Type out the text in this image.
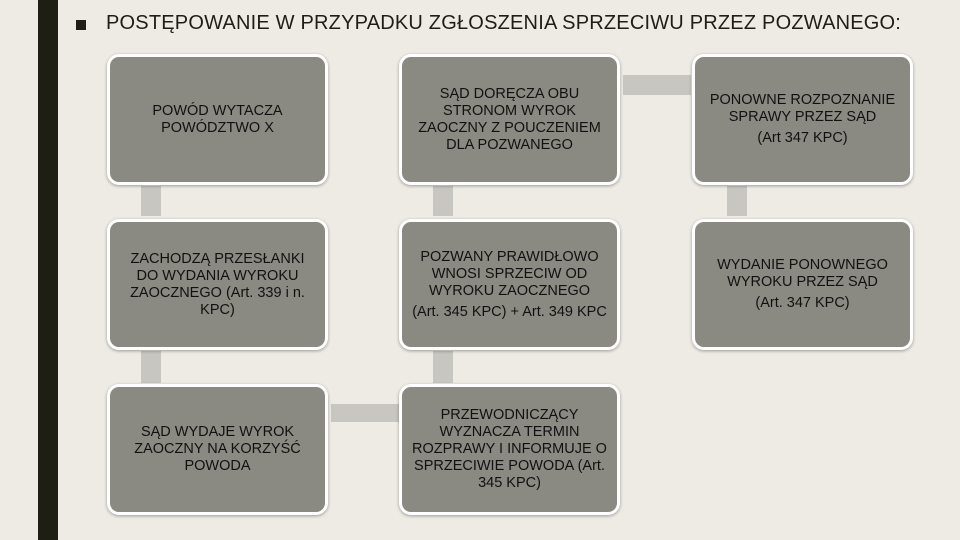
POSTĘPOWANIE W PRZYPADKU ZGŁOSZENIA SPRZECIWU PRZEZ POZWANEGO:
POWÓD WYTACZA POWÓDZTWO X
ZACHODZĄ PRZESŁANKI DO WYDANIA WYROKU ZAOCZNEGO (Art. 339 i n. KPC)
SĄD WYDAJE WYROK ZAOCZNY NA KORZYŚĆ POWODA
SĄD DORĘCZA OBU STRONOM WYROK ZAOCZNY Z POUCZENIEM DLA POZWANEGO
POZWANY PRAWIDŁOWO WNOSI SPRZECIW OD WYROKU ZAOCZNEGO
(Art. 345 KPC) + Art. 349 KPC
PRZEWODNICZĄCY WYZNACZA TERMIN ROZPRAWY I INFORMUJE O SPRZECIWIE POWODA (Art. 345 KPC)
PONOWNE ROZPOZNANIE SPRAWY PRZEZ SĄD
(Art 347 KPC)
WYDANIE PONOWNEGO WYROKU PRZEZ SĄD
(Art. 347 KPC)
